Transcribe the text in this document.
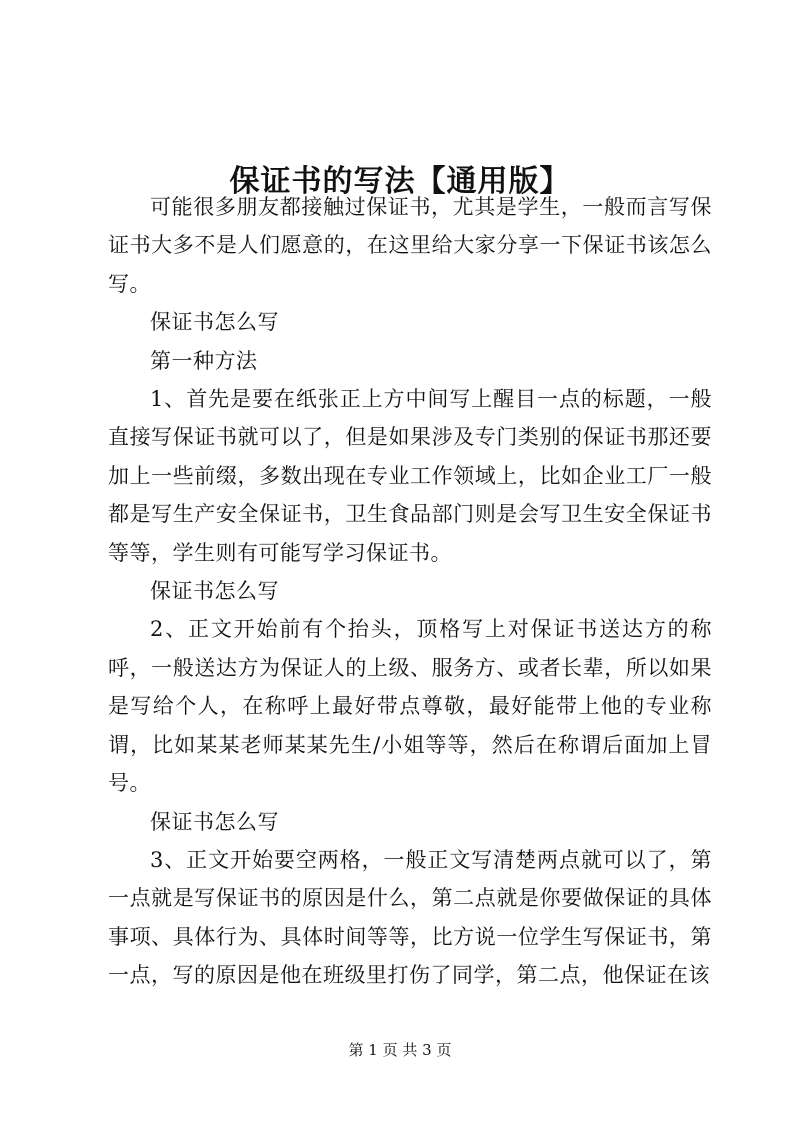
保证书的写法【通用版】

可能很多朋友都接触过保证书，尤其是学生，一般而言写保证书大多不是人们愿意的，在这里给大家分享一下保证书该怎么写。

保证书怎么写

第一种方法

1、首先是要在纸张正上方中间写上醒目一点的标题，一般直接写保证书就可以了，但是如果涉及专门类别的保证书那还要加上一些前缀，多数出现在专业工作领域上，比如企业工厂一般都是写生产安全保证书，卫生食品部门则是会写卫生安全保证书等等，学生则有可能写学习保证书。

保证书怎么写

2、正文开始前有个抬头，顶格写上对保证书送达方的称呼，一般送达方为保证人的上级、服务方、或者长辈，所以如果是写给个人，在称呼上最好带点尊敬，最好能带上他的专业称谓，比如某某老师某某先生/小姐等等，然后在称谓后面加上冒号。

保证书怎么写

3、正文开始要空两格，一般正文写清楚两点就可以了，第一点就是写保证书的原因是什么，第二点就是你要做保证的具体事项、具体行为、具体时间等等，比方说一位学生写保证书，第一点，写的原因是他在班级里打伤了同学，第二点，他保证在该

第 1 页 共 3 页
